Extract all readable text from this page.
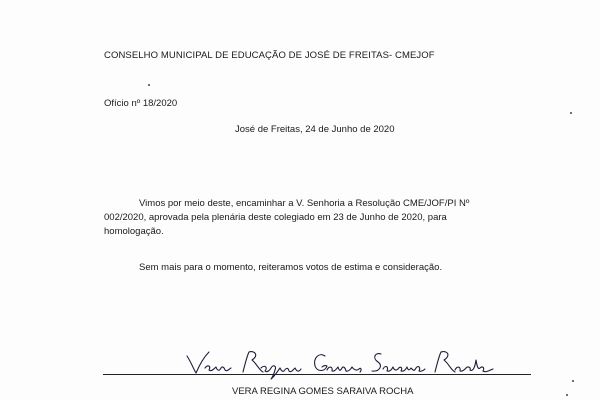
CONSELHO MUNICIPAL DE EDUCAÇÃO DE JOSÉ DE FREITAS- CMEJOF
Ofício nº 18/2020
José de Freitas, 24 de Junho de 2020
Vimos por meio deste, encaminhar a V. Senhoria a Resolução CME/JOF/PI Nº 002/2020, aprovada pela plenária deste colegiado em 23 de Junho de 2020, para homologação.
Sem mais para o momento, reiteramos votos de estima e consideração.
VERA REGINA GOMES SARAIVA ROCHA
